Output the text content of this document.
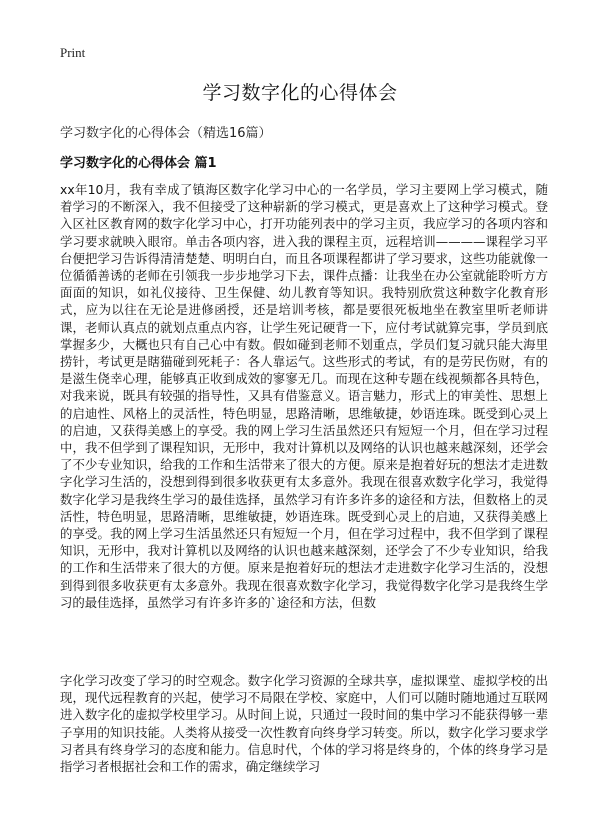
Print
学习数字化的心得体会
学习数字化的心得体会（精选16篇）
学习数字化的心得体会 篇1

xx年10月，我有幸成了镇海区数字化学习中心的一名学员，学习主要网上学习模式，随着学习的不断深入，我不但接受了这种崭新的学习模式，更是喜欢上了这种学习模式。登入区社区教育网的数字化学习中心，打开功能列表中的学习主页，我应学习的各项内容和学习要求就映入眼帘。单击各项内容，进入我的课程主页，远程培训————课程学习平台便把学习告诉得清清楚楚、明明白白，而且各项课程都讲了学习要求，这些功能就像一位循循善诱的老师在引领我一步步地学习下去，课件点播：让我坐在办公室就能聆听方方面面的知识，如礼仪接待、卫生保健、幼儿教育等知识。我特别欣赏这种数字化教育形式，应为以往在无论是进修函授，还是培训考核，都是要很死板地坐在教室里听老师讲课，老师认真点的就划点重点内容，让学生死记硬背一下，应付考试就算完事，学员到底掌握多少，大概也只有自己心中有数。假如碰到老师不划重点，学员们复习就只能大海里捞针，考试更是瞎猫碰到死耗子：各人靠运气。这些形式的考试，有的是劳民伤财，有的是滋生侥幸心理，能够真正收到成效的寥寥无几。而现在这种专题在线视频都各具特色，对我来说，既具有较强的指导性，又具有借鉴意义。语言魅力，形式上的审美性、思想上的启迪性、风格上的灵活性，特色明显，思路清晰，思维敏捷，妙语连珠。既受到心灵上的启迪，又获得美感上的享受。我的网上学习生活虽然还只有短短一个月，但在学习过程中，我不但学到了课程知识，无形中，我对计算机以及网络的认识也越来越深刻，还学会了不少专业知识，给我的工作和生活带来了很大的方便。原来是抱着好玩的想法才走进数字化学习生活的，没想到得到很多收获更有太多意外。我现在很喜欢数字化学习，我觉得数字化学习是我终生学习的最佳选择，虽然学习有许多许多的途径和方法，但数格上的灵活性，特色明显，思路清晰，思维敏捷，妙语连珠。既受到心灵上的启迪，又获得美感上的享受。我的网上学习生活虽然还只有短短一个月，但在学习过程中，我不但学到了课程知识，无形中，我对计算机以及网络的认识也越来越深刻，还学会了不少专业知识，给我的工作和生活带来了很大的方便。原来是抱着好玩的想法才走进数字化学习生活的，没想到得到很多收获更有太多意外。我现在很喜欢数字化学习，我觉得数字化学习是我终生学习的最佳选择，虽然学习有许多许多的`途径和方法，但数

字化学习改变了学习的时空观念。数字化学习资源的全球共享，虚拟课堂、虚拟学校的出现，现代远程教育的兴起，使学习不局限在学校、家庭中，人们可以随时随地通过互联网进入数字化的虚拟学校里学习。从时间上说，只通过一段时间的集中学习不能获得够一辈子享用的知识技能。人类将从接受一次性教育向终身学习转变。所以，数字化学习要求学习者具有终身学习的态度和能力。信息时代，个体的学习将是终身的，个体的终身学习是指学习者根据社会和工作的需求，确定继续学习
